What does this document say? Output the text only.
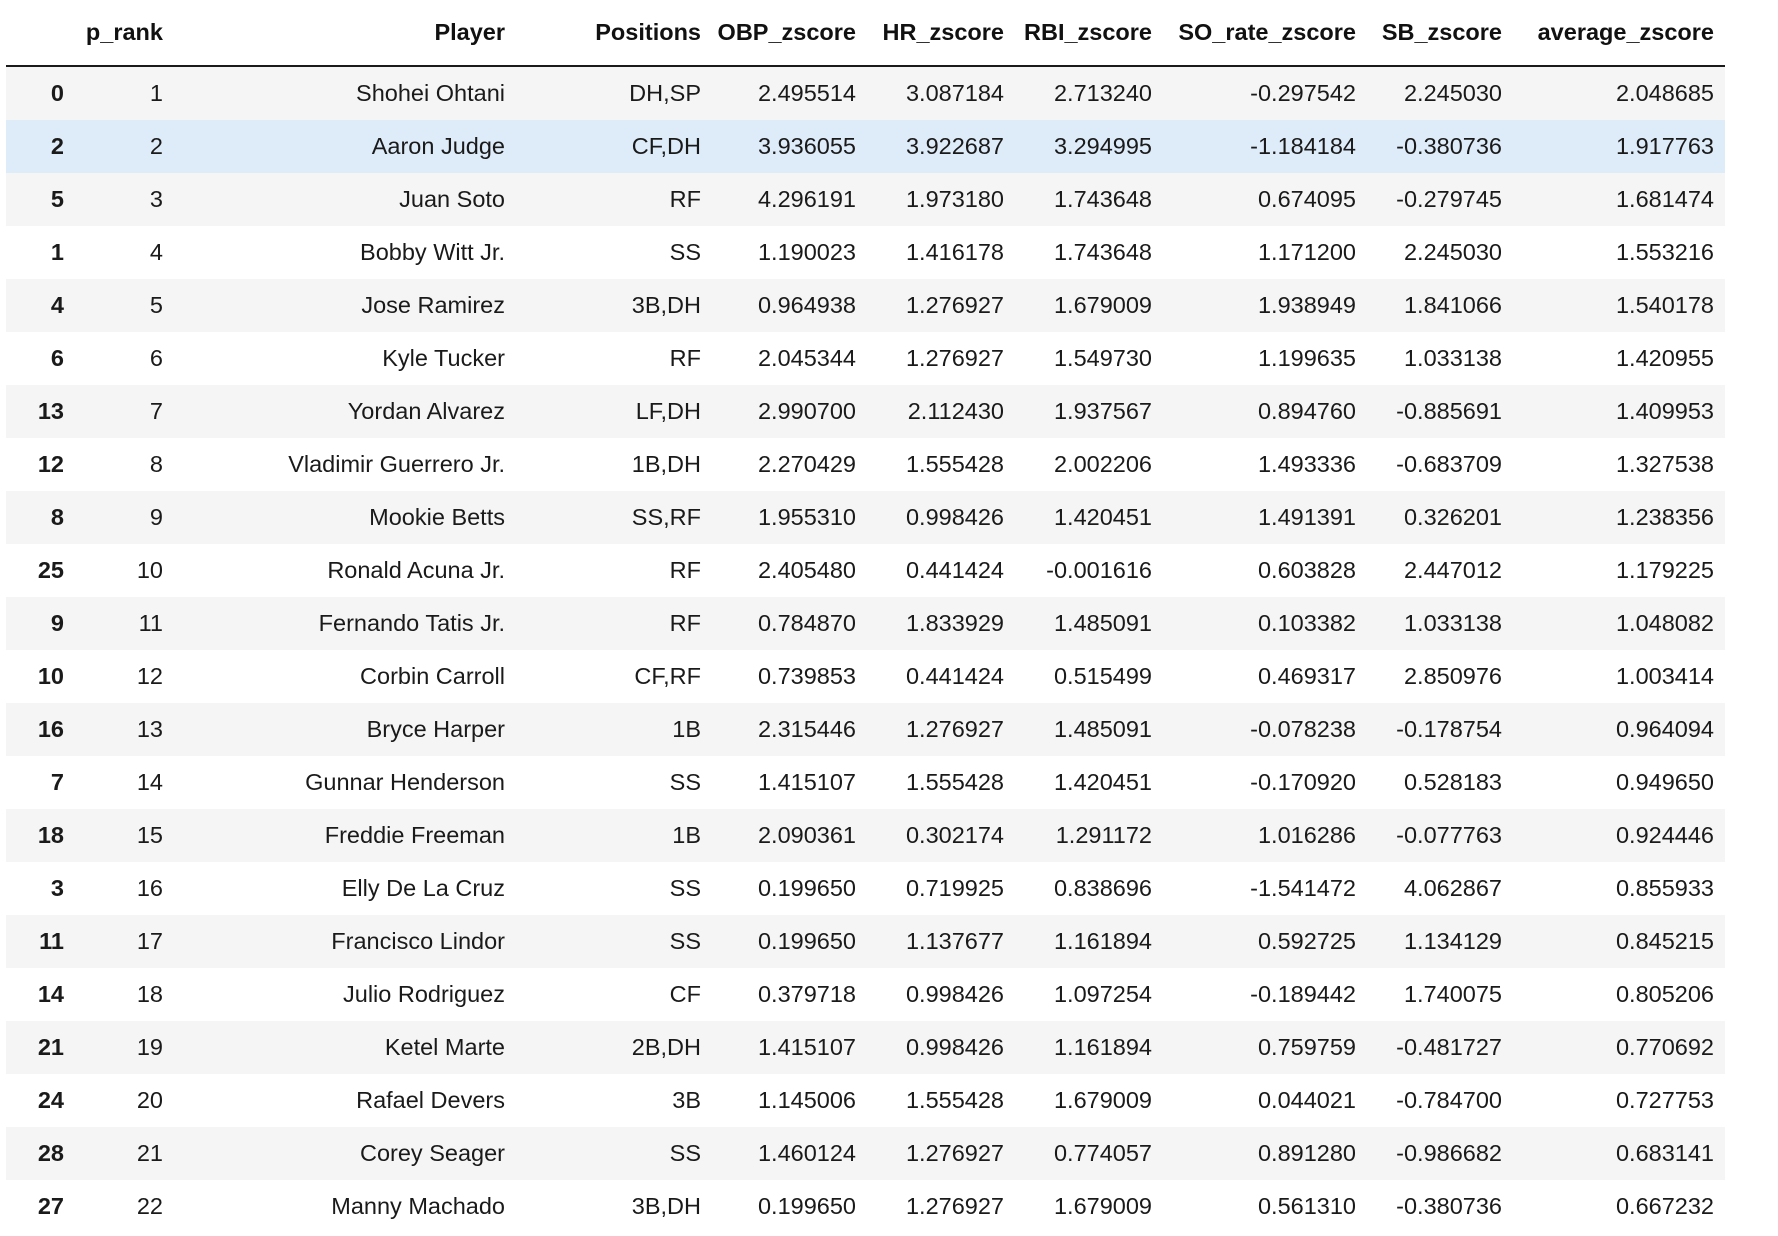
	p_rank	Player	Positions	OBP_zscore	HR_zscore	RBI_zscore	SO_rate_zscore	SB_zscore	average_zscore
0	1	Shohei Ohtani	DH,SP	2.495514	3.087184	2.713240	-0.297542	2.245030	2.048685
2	2	Aaron Judge	CF,DH	3.936055	3.922687	3.294995	-1.184184	-0.380736	1.917763
5	3	Juan Soto	RF	4.296191	1.973180	1.743648	0.674095	-0.279745	1.681474
1	4	Bobby Witt Jr.	SS	1.190023	1.416178	1.743648	1.171200	2.245030	1.553216
4	5	Jose Ramirez	3B,DH	0.964938	1.276927	1.679009	1.938949	1.841066	1.540178
6	6	Kyle Tucker	RF	2.045344	1.276927	1.549730	1.199635	1.033138	1.420955
13	7	Yordan Alvarez	LF,DH	2.990700	2.112430	1.937567	0.894760	-0.885691	1.409953
12	8	Vladimir Guerrero Jr.	1B,DH	2.270429	1.555428	2.002206	1.493336	-0.683709	1.327538
8	9	Mookie Betts	SS,RF	1.955310	0.998426	1.420451	1.491391	0.326201	1.238356
25	10	Ronald Acuna Jr.	RF	2.405480	0.441424	-0.001616	0.603828	2.447012	1.179225
9	11	Fernando Tatis Jr.	RF	0.784870	1.833929	1.485091	0.103382	1.033138	1.048082
10	12	Corbin Carroll	CF,RF	0.739853	0.441424	0.515499	0.469317	2.850976	1.003414
16	13	Bryce Harper	1B	2.315446	1.276927	1.485091	-0.078238	-0.178754	0.964094
7	14	Gunnar Henderson	SS	1.415107	1.555428	1.420451	-0.170920	0.528183	0.949650
18	15	Freddie Freeman	1B	2.090361	0.302174	1.291172	1.016286	-0.077763	0.924446
3	16	Elly De La Cruz	SS	0.199650	0.719925	0.838696	-1.541472	4.062867	0.855933
11	17	Francisco Lindor	SS	0.199650	1.137677	1.161894	0.592725	1.134129	0.845215
14	18	Julio Rodriguez	CF	0.379718	0.998426	1.097254	-0.189442	1.740075	0.805206
21	19	Ketel Marte	2B,DH	1.415107	0.998426	1.161894	0.759759	-0.481727	0.770692
24	20	Rafael Devers	3B	1.145006	1.555428	1.679009	0.044021	-0.784700	0.727753
28	21	Corey Seager	SS	1.460124	1.276927	0.774057	0.891280	-0.986682	0.683141
27	22	Manny Machado	3B,DH	0.199650	1.276927	1.679009	0.561310	-0.380736	0.667232
